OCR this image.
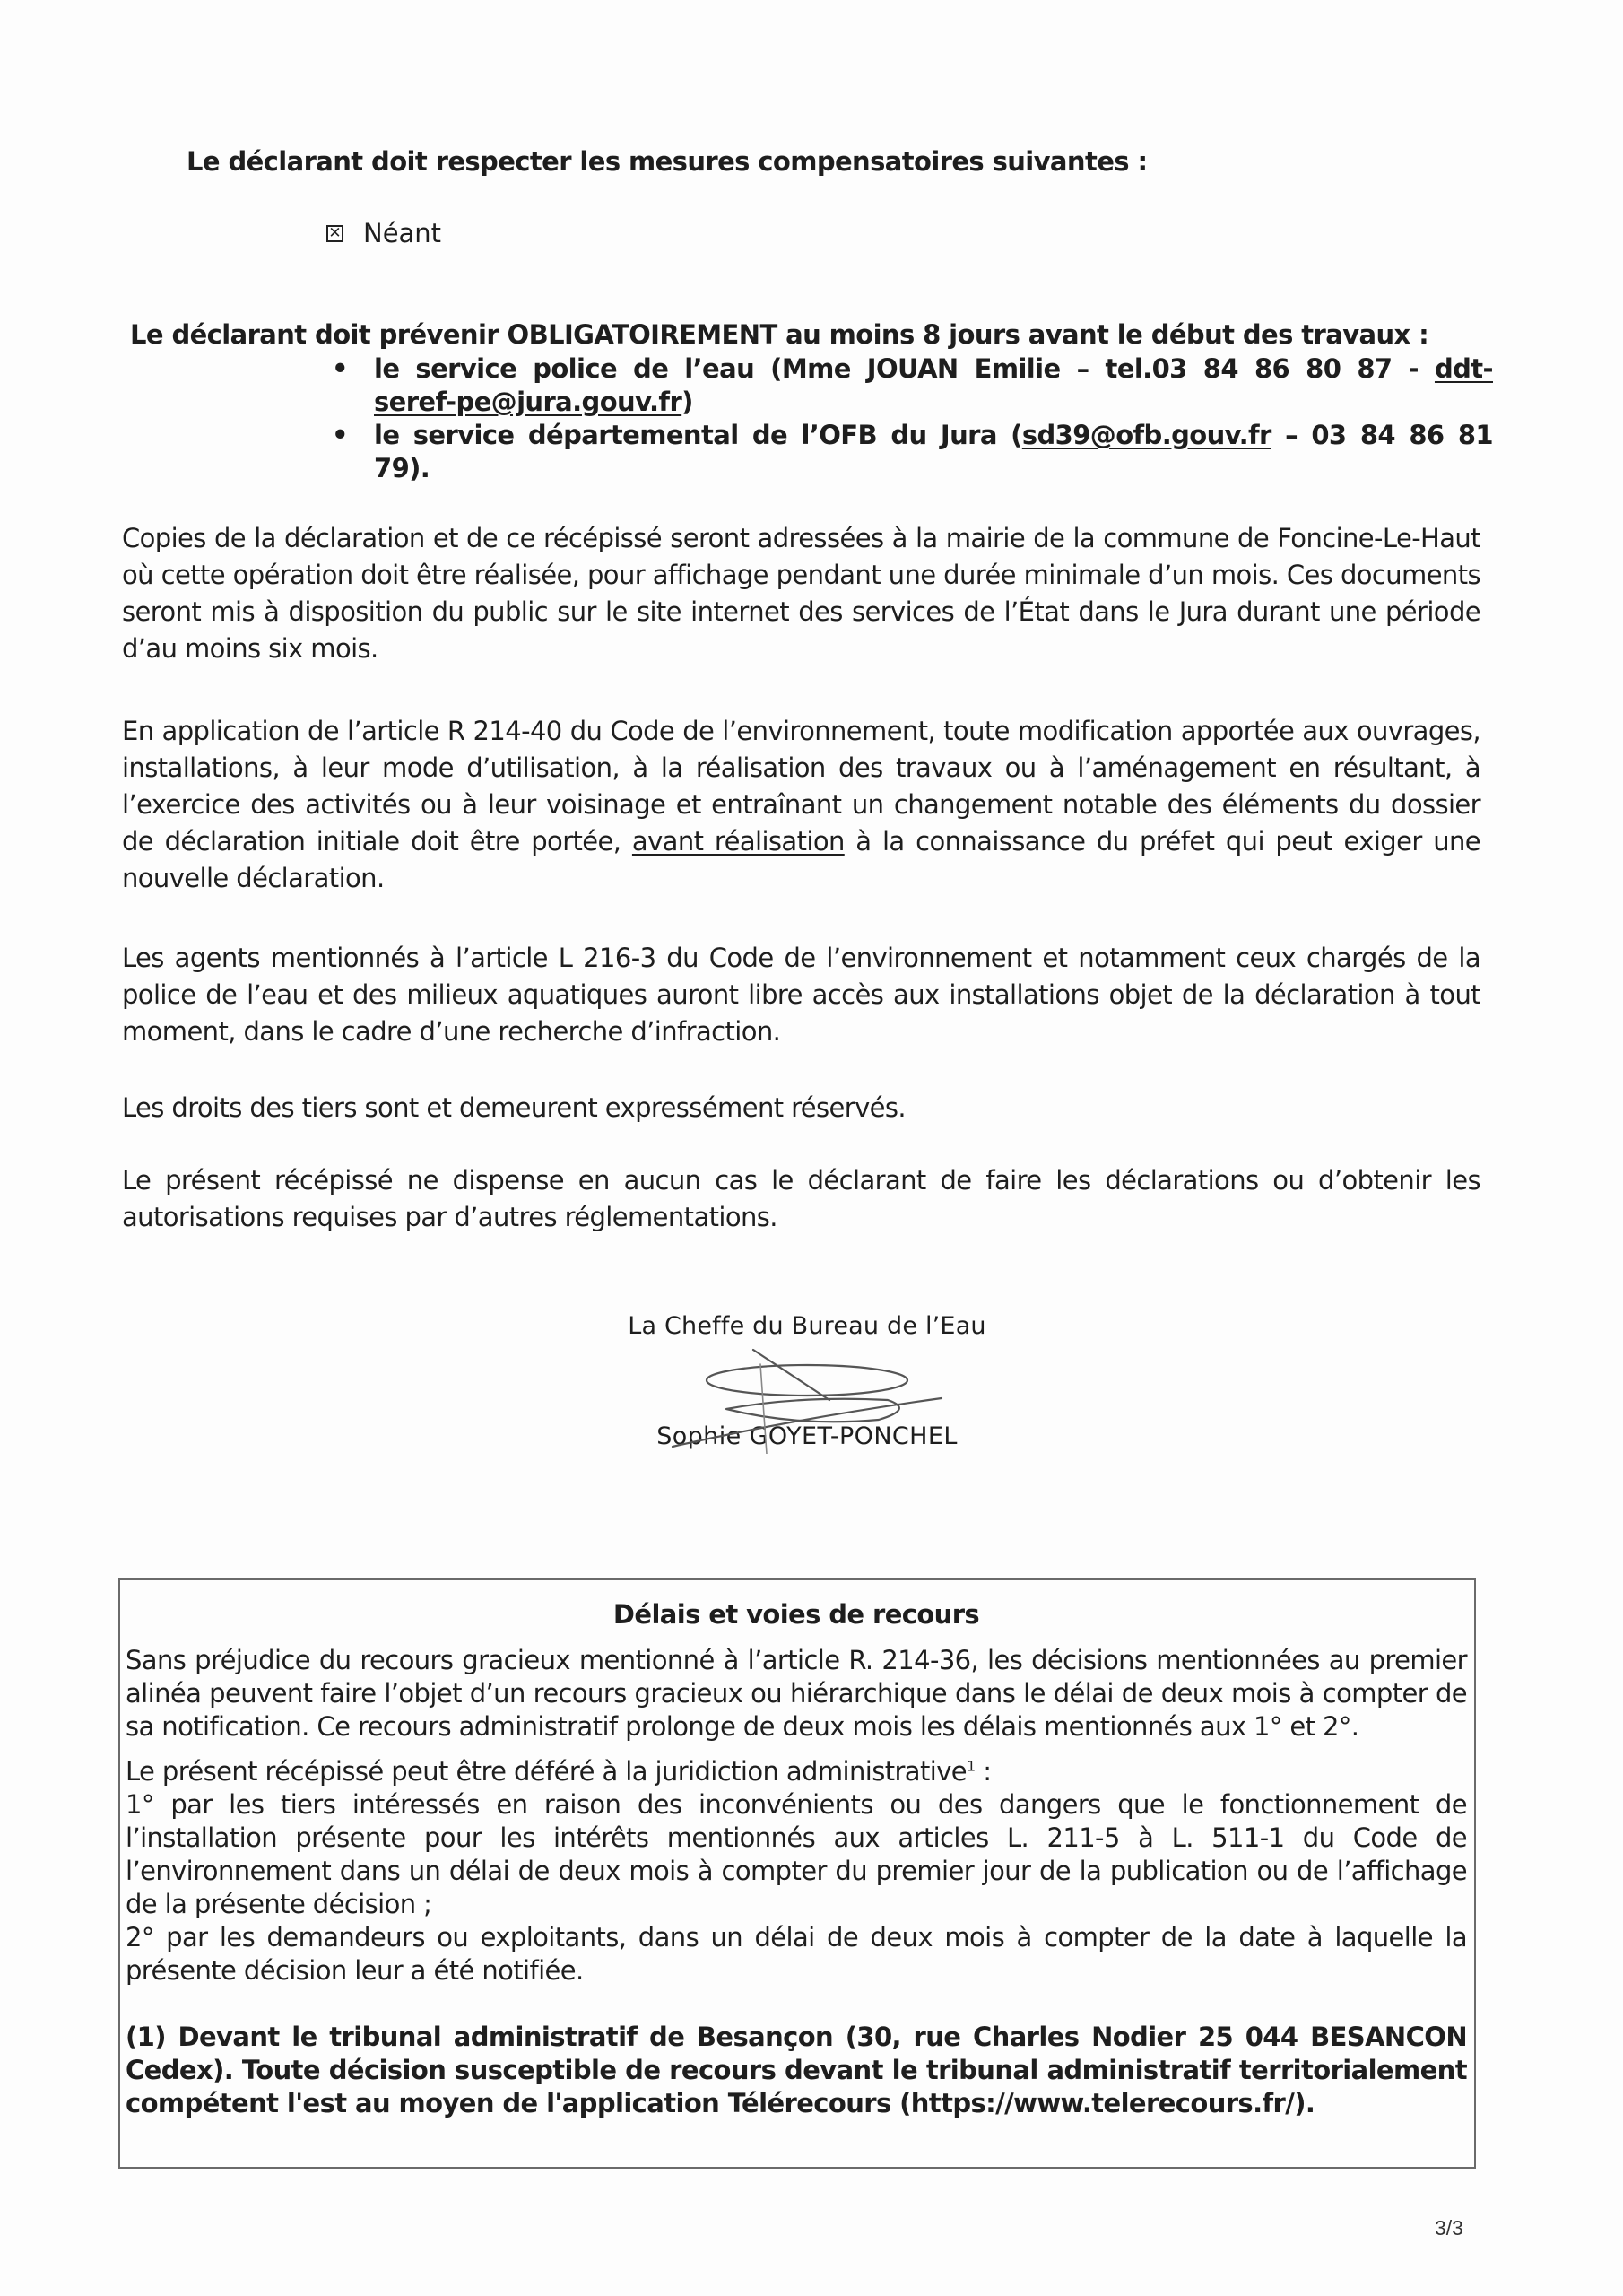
Le déclarant doit respecter les mesures compensatoires suivantes :
✕ Néant
Le déclarant doit prévenir OBLIGATOIREMENT au moins 8 jours avant le début des travaux :
• le service police de l’eau (Mme JOUAN Emilie – tel.03 84 86 80 87 - ddt-seref-pe@jura.gouv.fr)
• le service départemental de l’OFB du Jura (sd39@ofb.gouv.fr – 03 84 86 81 79).

Copies de la déclaration et de ce récépissé seront adressées à la mairie de la commune de Foncine-Le-Haut où cette opération doit être réalisée, pour affichage pendant une durée minimale d’un mois. Ces documents seront mis à disposition du public sur le site internet des services de l’État dans le Jura durant une période d’au moins six mois.

En application de l’article R 214-40 du Code de l’environnement, toute modification apportée aux ouvrages, installations, à leur mode d’utilisation, à la réalisation des travaux ou à l’aménagement en résultant, à l’exercice des activités ou à leur voisinage et entraînant un changement notable des éléments du dossier de déclaration initiale doit être portée, avant réalisation à la connaissance du préfet qui peut exiger une nouvelle déclaration.

Les agents mentionnés à l’article L 216-3 du Code de l’environnement et notamment ceux chargés de la police de l’eau et des milieux aquatiques auront libre accès aux installations objet de la déclaration à tout moment, dans le cadre d’une recherche d’infraction.

Les droits des tiers sont et demeurent expressément réservés.

Le présent récépissé ne dispense en aucun cas le déclarant de faire les déclarations ou d’obtenir les autorisations requises par d’autres réglementations.

La Cheffe du Bureau de l’Eau
Sophie GOYET-PONCHEL
Délais et voies de recours
Sans préjudice du recours gracieux mentionné à l’article R. 214-36, les décisions mentionnées au premier alinéa peuvent faire l’objet d’un recours gracieux ou hiérarchique dans le délai de deux mois à compter de sa notification. Ce recours administratif prolonge de deux mois les délais mentionnés aux 1° et 2°.
Le présent récépissé peut être déféré à la juridiction administrative$^1$ :
1° par les tiers intéressés en raison des inconvénients ou des dangers que le fonctionnement de l’installation présente pour les intérêts mentionnés aux articles L. 211-5 à L. 511-1 du Code de l’environnement dans un délai de deux mois à compter du premier jour de la publication ou de l’affichage de la présente décision ;
2° par les demandeurs ou exploitants, dans un délai de deux mois à compter de la date à laquelle la présente décision leur a été notifiée.
(1) Devant le tribunal administratif de Besançon (30, rue Charles Nodier 25 044 BESANCON Cedex). Toute décision susceptible de recours devant le tribunal administratif territorialement compétent l'est au moyen de l'application Télérecours (https://www.telerecours.fr/).
3/3
